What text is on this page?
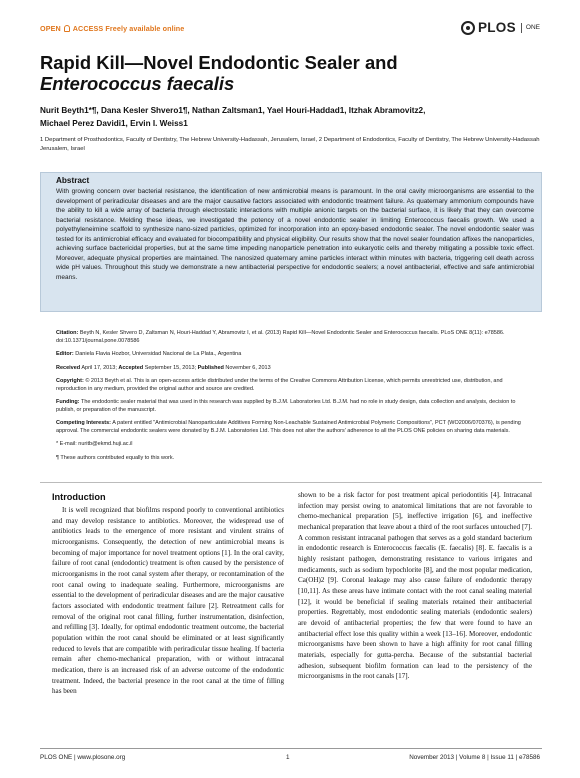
OPEN ACCESS Freely available online	PLOS	ONE
Rapid Kill—Novel Endodontic Sealer and
Enterococcus faecalis
Nurit Beyth1*¶, Dana Kesler Shvero1¶, Nathan Zaltsman1, Yael Houri-Haddad1, Itzhak Abramovitz2,
Michael Perez Davidi1, Ervin I. Weiss1
1 Department of Prosthodontics, Faculty of Dentistry, The Hebrew University-Hadassah, Jerusalem, Israel, 2 Department of Endodontics, Faculty of Dentistry, The Hebrew University-Hadassah Jerusalem, Israel
Abstract
With growing concern over bacterial resistance, the identification of new antimicrobial means is paramount. In the oral cavity microorganisms are essential to the development of periradicular diseases and are the major causative factors associated with endodontic treatment failure. As quaternary ammonium compounds have the ability to kill a wide array of bacteria through electrostatic interactions with multiple anionic targets on the bacterial surface, it is likely that they can overcome bacterial resistance. Melding these ideas, we investigated the potency of a novel endodontic sealer in limiting Enterococcus faecalis growth. We used a polyethyleneimine scaffold to synthesize nano-sized particles, optimized for incorporation into an epoxy-based endodontic sealer. The novel endodontic sealer was tested for its antimicrobial efficacy and evaluated for biocompatibility and physical eligibility. Our results show that the novel sealer foundation affixes the nanoparticles, achieving surface bactericidal properties, but at the same time impeding nanoparticle penetration into eukaryotic cells and thereby mitigating a possible toxic effect. Moreover, adequate physical properties are maintained. The nanosized quaternary amine particles interact within minutes with bacteria, triggering cell death across wide pH values. Throughout this study we demonstrate a new antibacterial perspective for endodontic sealers; a novel antibacterial, effective and safe antimicrobial means.

Citation: Beyth N, Kesler Shvero D, Zaltsman N, Houri-Haddad Y, Abramovitz I, et al. (2013) Rapid Kill—Novel Endodontic Sealer and Enterococcus faecalis. PLoS ONE 8(11): e78586. doi:10.1371/journal.pone.0078586

Editor: Daniela Flavia Hozbor, Universidad Nacional de La Plata., Argentina

Received April 17, 2013; Accepted September 15, 2013; Published November 6, 2013

Copyright: © 2013 Beyth et al. This is an open-access article distributed under the terms of the Creative Commons Attribution License, which permits unrestricted use, distribution, and reproduction in any medium, provided the original author and source are credited.

Funding: The endodontic sealer material that was used in this research was supplied by B.J.M. Laboratories Ltd. B.J.M. had no role in study design, data collection and analysis, decision to publish, or preparation of the manuscript.

Competing Interests: A patent entitled "Antimicrobial Nanoparticulate Additives Forming Non-Leachable Sustained Antimicrobial Polymeric Compositions", PCT (WO2006/070376), is pending approval. The commercial endodontic sealers were donated by B.J.M. Laboratories Ltd. This does not alter the authors' adherence to all the PLOS ONE policies on sharing data materials.

* E-mail: nuritb@ekmd.huji.ac.il

¶ These authors contributed equally to this work.

Introduction
It is well recognized that biofilms respond poorly to conventional antibiotics and may develop resistance to antibiotics. Moreover, the widespread use of antibiotics leads to the emergence of more resistant and virulent strains of microorganisms. Consequently, the detection of new antimicrobial means is becoming of major importance for novel treatment options [1]. In the oral cavity, failure of root canal (endodontic) treatment is often caused by the persistence of microorganisms in the root canal system after therapy, or recontamination of the root canal owing to inadequate sealing. Furthermore, microorganisms are essential to the development of periradicular diseases and are the major causative factors associated with endodontic treatment failure [2]. Retreatment calls for removal of the original root canal filling, further instrumentation, disinfection, and refilling [3]. Ideally, for optimal endodontic treatment outcome, the bacterial population within the root canal should be eliminated or at least significantly reduced to levels that are compatible with periradicular tissue healing. If bacteria remain after chemo-mechanical preparation, with or without intracanal medication, there is an increased risk of an adverse outcome of the endodontic treatment. Indeed, the bacterial presence in the root canal at the time of filling has been
shown to be a risk factor for post treatment apical periodontitis [4]. Intracanal infection may persist owing to anatomical limitations that are not favorable to chemo-mechanical preparation [5], ineffective irrigation [6], and ineffective mechanical preparation that leave about a third of the root surfaces untouched [7]. A common resistant intracanal pathogen that serves as a gold standard bacterium in endodontic research is Enterococcus faecalis (E. faecalis) [8]. E. faecalis is a highly resistant pathogen, demonstrating resistance to various irrigates and medicaments, such as sodium hypochlorite [8], and the most popular medication, Ca(OH)2 [9]. Coronal leakage may also cause failure of endodontic therapy [10,11]. As these areas have intimate contact with the root canal sealing material [12], it would be beneficial if sealing materials retained their antibacterial properties. Regrettably, most endodontic sealing materials (endodontic sealers) are devoid of antibacterial properties; the few that were found to have an antibacterial effect lose this quality within a week [13–16]. Moreover, endodontic microorganisms have been shown to have a high affinity for root canal filling materials, especially for gutta-percha. Because of the substantial bacterial adhesion, subsequent biofilm formation can lead to the persistency of the microorganisms in the root canals [17].
PLOS ONE | www.plosone.org	1	November 2013 | Volume 8 | Issue 11 | e78586
